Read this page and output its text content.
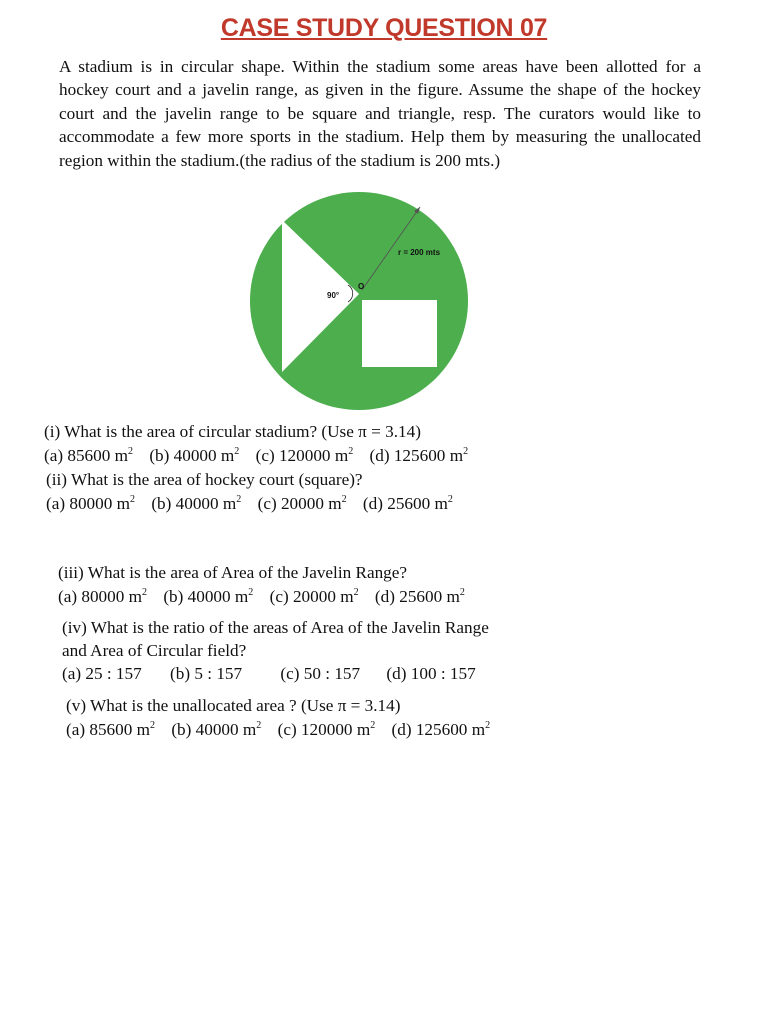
CASE STUDY QUESTION 07
A stadium is in circular shape. Within the stadium some areas have been allotted for a hockey court and a javelin range, as given in the figure. Assume the shape of the hockey court and the javelin range to be square and triangle, resp. The curators would like to accommodate a few more sports in the stadium. Help them by measuring the unallocated region within the stadium.(the radius of the stadium is 200 mts.)
r = 200 mts
90°
O
(i) What is the area of circular stadium? (Use π = 3.14)
(a) 85600 $m^2$ (b) 40000 $m^2$ (c) 120000 $m^2$ (d) 125600 $m^2$
(ii) What is the area of hockey court (square)?
(a) 80000 $m^2$ (b) 40000 $m^2$ (c) 20000 $m^2$ (d) 25600 $m^2$
(iii) What is the area of Area of the Javelin Range?
(a) 80000 $m^2$ (b) 40000 $m^2$ (c) 20000 $m^2$ (d) 25600 $m^2$
(iv) What is the ratio of the areas of Area of the Javelin Range
and Area of Circular field?
(a) 25 : 157 (b) 5 : 157 (c) 50 : 157 (d) 100 : 157
(v) What is the unallocated area ? (Use π = 3.14)
(a) 85600 $m^2$ (b) 40000 $m^2$ (c) 120000 $m^2$ (d) 125600 $m^2$
